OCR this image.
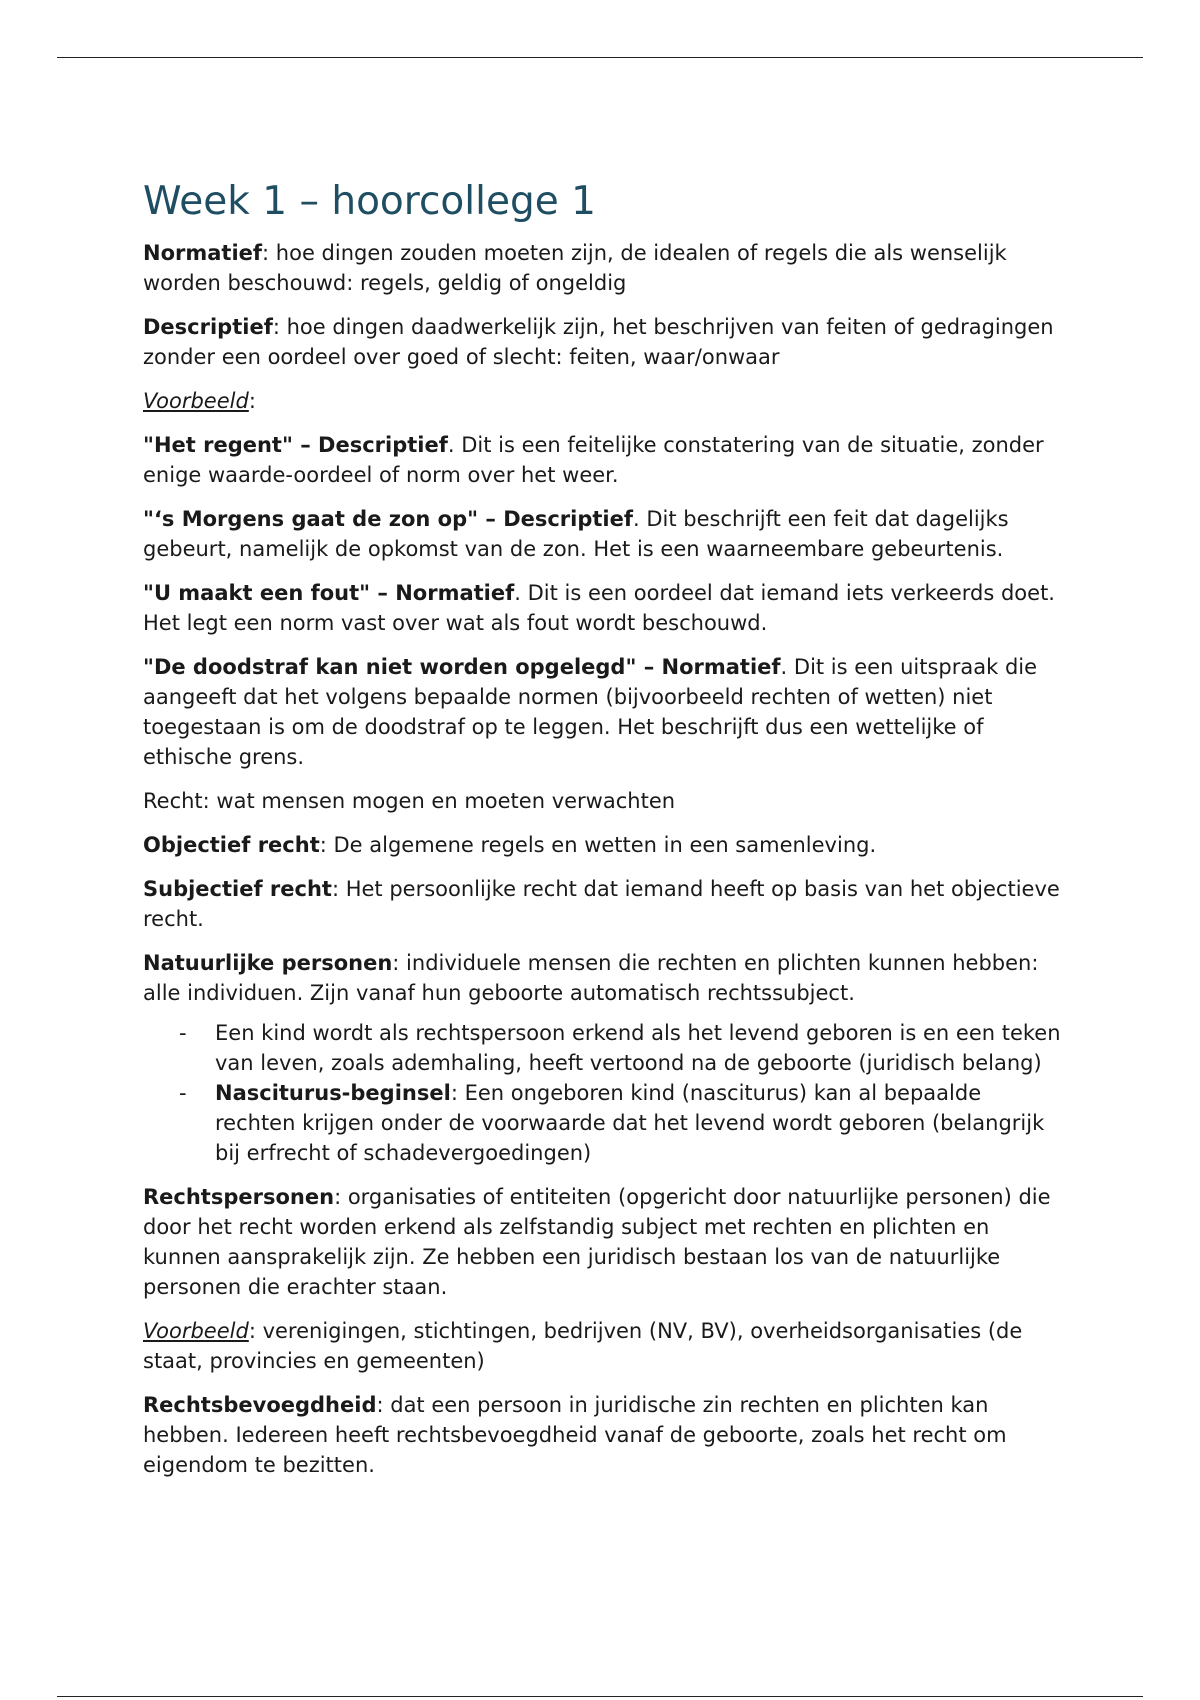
Week 1 – hoorcollege 1

Normatief: hoe dingen zouden moeten zijn, de idealen of regels die als wenselijk worden beschouwd: regels, geldig of ongeldig

Descriptief: hoe dingen daadwerkelijk zijn, het beschrijven van feiten of gedragingen zonder een oordeel over goed of slecht: feiten, waar/onwaar

Voorbeeld:

"Het regent" – Descriptief. Dit is een feitelijke constatering van de situatie, zonder enige waarde-oordeel of norm over het weer.

"‘s Morgens gaat de zon op" – Descriptief. Dit beschrijft een feit dat dagelijks gebeurt, namelijk de opkomst van de zon. Het is een waarneembare gebeurtenis.

"U maakt een fout" – Normatief. Dit is een oordeel dat iemand iets verkeerds doet. Het legt een norm vast over wat als fout wordt beschouwd.

"De doodstraf kan niet worden opgelegd" – Normatief. Dit is een uitspraak die aangeeft dat het volgens bepaalde normen (bijvoorbeeld rechten of wetten) niet toegestaan is om de doodstraf op te leggen. Het beschrijft dus een wettelijke of ethische grens.

Recht: wat mensen mogen en moeten verwachten

Objectief recht: De algemene regels en wetten in een samenleving.

Subjectief recht: Het persoonlijke recht dat iemand heeft op basis van het objectieve recht.

Natuurlijke personen: individuele mensen die rechten en plichten kunnen hebben: alle individuen. Zijn vanaf hun geboorte automatisch rechtssubject.

- Een kind wordt als rechtspersoon erkend als het levend geboren is en een teken van leven, zoals ademhaling, heeft vertoond na de geboorte (juridisch belang)
- Nasciturus-beginsel: Een ongeboren kind (nasciturus) kan al bepaalde rechten krijgen onder de voorwaarde dat het levend wordt geboren (belangrijk bij erfrecht of schadevergoedingen)

Rechtspersonen: organisaties of entiteiten (opgericht door natuurlijke personen) die door het recht worden erkend als zelfstandig subject met rechten en plichten en kunnen aansprakelijk zijn. Ze hebben een juridisch bestaan los van de natuurlijke personen die erachter staan.

Voorbeeld: verenigingen, stichtingen, bedrijven (NV, BV), overheidsorganisaties (de staat, provincies en gemeenten)

Rechtsbevoegdheid: dat een persoon in juridische zin rechten en plichten kan hebben. Iedereen heeft rechtsbevoegdheid vanaf de geboorte, zoals het recht om eigendom te bezitten.
